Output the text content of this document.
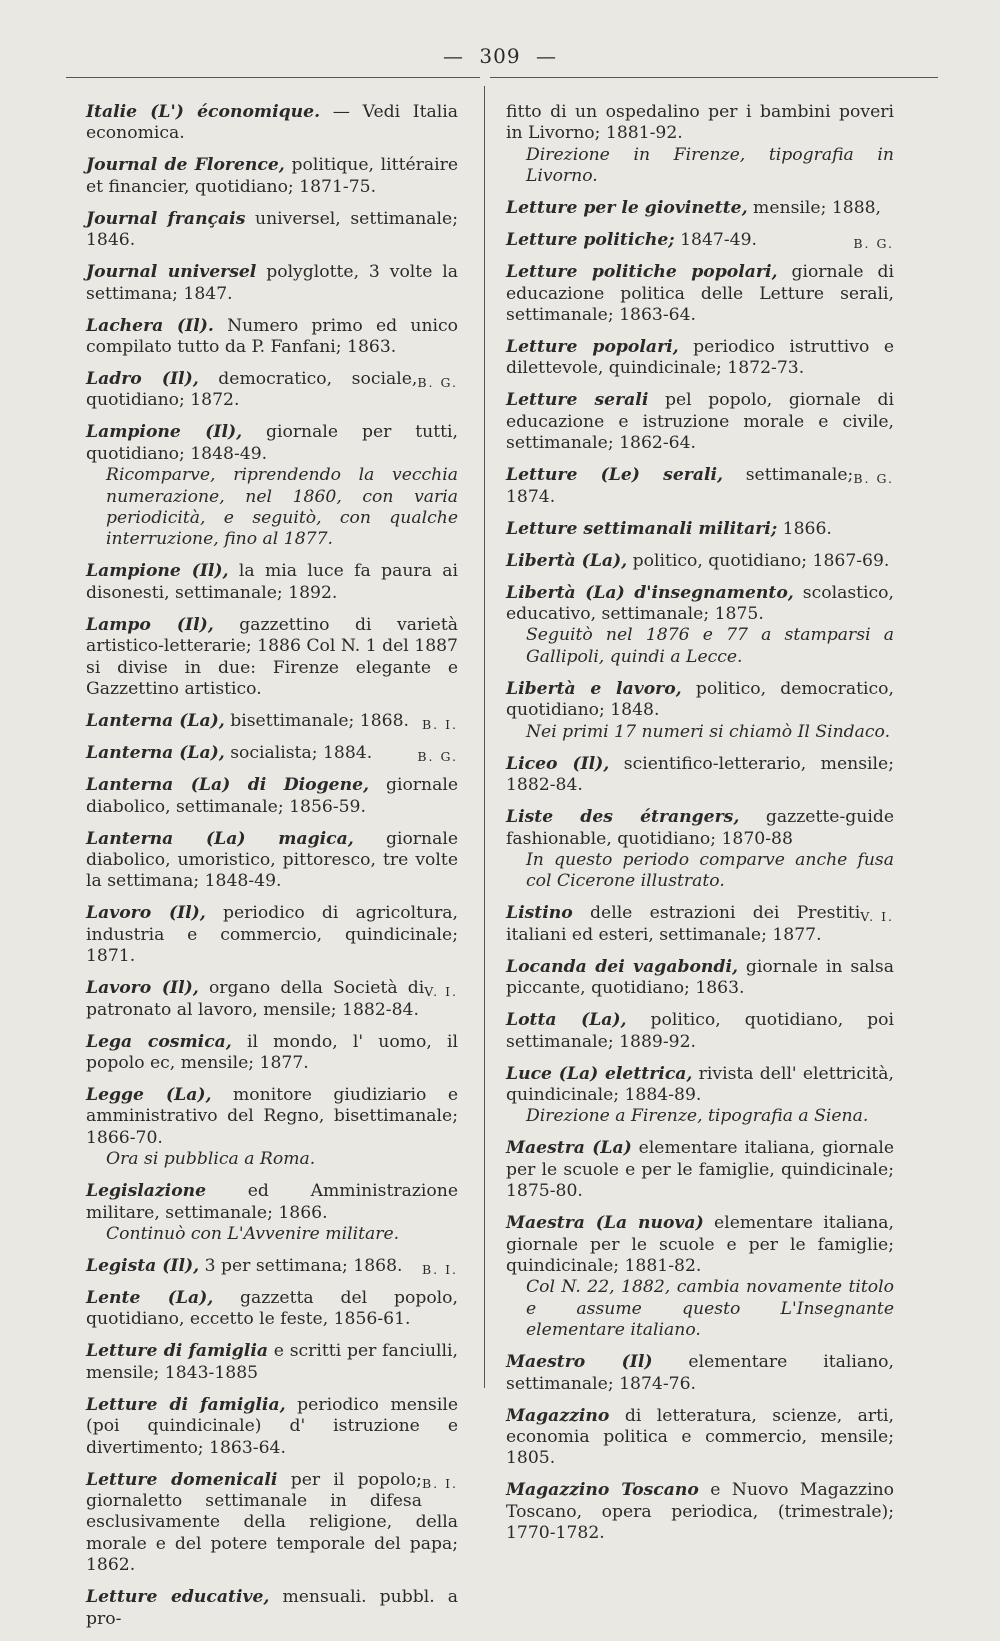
— 309 —

Italie (L') économique. — Vedi Italia economica.

Journal de Florence, politique, littéraire et financier, quotidiano; 1871-75.

Journal français universel, settimanale; 1846.

Journal universel polyglotte, 3 volte la settimana; 1847.

Lachera (Il). Numero primo ed unico compilato tutto da P. Fanfani; 1863.

B. G.
Ladro (Il), democratico, sociale, quotidiano; 1872.

Lampione (Il), giornale per tutti, quotidiano; 1848-49.
Ricomparve, riprendendo la vecchia numerazione, nel 1860, con varia periodicità, e seguitò, con qualche interruzione, fino al 1877.

Lampione (Il), la mia luce fa paura ai disonesti, settimanale; 1892.

Lampo (Il), gazzettino di varietà artistico-letterarie; 1886 Col N. 1 del 1887 si divise in due: Firenze elegante e Gazzettino artistico.

B. I.
Lanterna (La), bisettimanale; 1868.

B. G.
Lanterna (La), socialista; 1884.

Lanterna (La) di Diogene, giornale diabolico, settimanale; 1856-59.

Lanterna (La) magica, giornale diabolico, umoristico, pittoresco, tre volte la settimana; 1848-49.

Lavoro (Il), periodico di agricoltura, industria e commercio, quindicinale; 1871.

V. I.
Lavoro (Il), organo della Società di patronato al lavoro, mensile; 1882-84.

Lega cosmica, il mondo, l' uomo, il popolo ec, mensile; 1877.

Legge (La), monitore giudiziario e amministrativo del Regno, bisettimanale; 1866-70.
Ora si pubblica a Roma.

Legislazione ed Amministrazione militare, settimanale; 1866.
Continuò con L'Avvenire militare.

B. I.
Legista (Il), 3 per settimana; 1868.

Lente (La), gazzetta del popolo, quotidiano, eccetto le feste, 1856-61.

Letture di famiglia e scritti per fanciulli, mensile; 1843-1885

Letture di famiglia, periodico mensile (poi quindicinale) d' istruzione e divertimento; 1863-64.

B. I.
Letture domenicali per il popolo; giornaletto settimanale in difesa esclusivamente della religione, della morale e del potere temporale del papa; 1862.

Letture educative, mensuali. pubbl. a pro-

fitto di un ospedalino per i bambini poveri in Livorno; 1881-92.
Direzione in Firenze, tipografia in Livorno.

Letture per le giovinette, mensile; 1888,

B. G.
Letture politiche; 1847-49.

Letture politiche popolari, giornale di educazione politica delle Letture serali, settimanale; 1863-64.

Letture popolari, periodico istruttivo e dilettevole, quindicinale; 1872-73.

Letture serali pel popolo, giornale di educazione e istruzione morale e civile, settimanale; 1862-64.

B. G.
Letture (Le) serali, settimanale; 1874.

Letture settimanali militari; 1866.

Libertà (La), politico, quotidiano; 1867-69.

Libertà (La) d'insegnamento, scolastico, educativo, settimanale; 1875.
Seguitò nel 1876 e 77 a stamparsi a Gallipoli, quindi a Lecce.

Libertà e lavoro, politico, democratico, quotidiano; 1848.
Nei primi 17 numeri si chiamò Il Sindaco.

Liceo (Il), scientifico-letterario, mensile; 1882-84.

Liste des étrangers, gazzette-guide fashionable, quotidiano; 1870-88
In questo periodo comparve anche fusa col Cicerone illustrato.

V. I.
Listino delle estrazioni dei Prestiti italiani ed esteri, settimanale; 1877.

Locanda dei vagabondi, giornale in salsa piccante, quotidiano; 1863.

Lotta (La), politico, quotidiano, poi settimanale; 1889-92.

Luce (La) elettrica, rivista dell' elettricità, quindicinale; 1884-89.
Direzione a Firenze, tipografia a Siena.

Maestra (La) elementare italiana, giornale per le scuole e per le famiglie, quindicinale; 1875-80.

Maestra (La nuova) elementare italiana, giornale per le scuole e per le famiglie; quindicinale; 1881-82.
Col N. 22, 1882, cambia novamente titolo e assume questo L'Insegnante elementare italiano.

Maestro (Il) elementare italiano, settimanale; 1874-76.

Magazzino di letteratura, scienze, arti, economia politica e commercio, mensile; 1805.

Magazzino Toscano e Nuovo Magazzino Toscano, opera periodica, (trimestrale); 1770-1782.
